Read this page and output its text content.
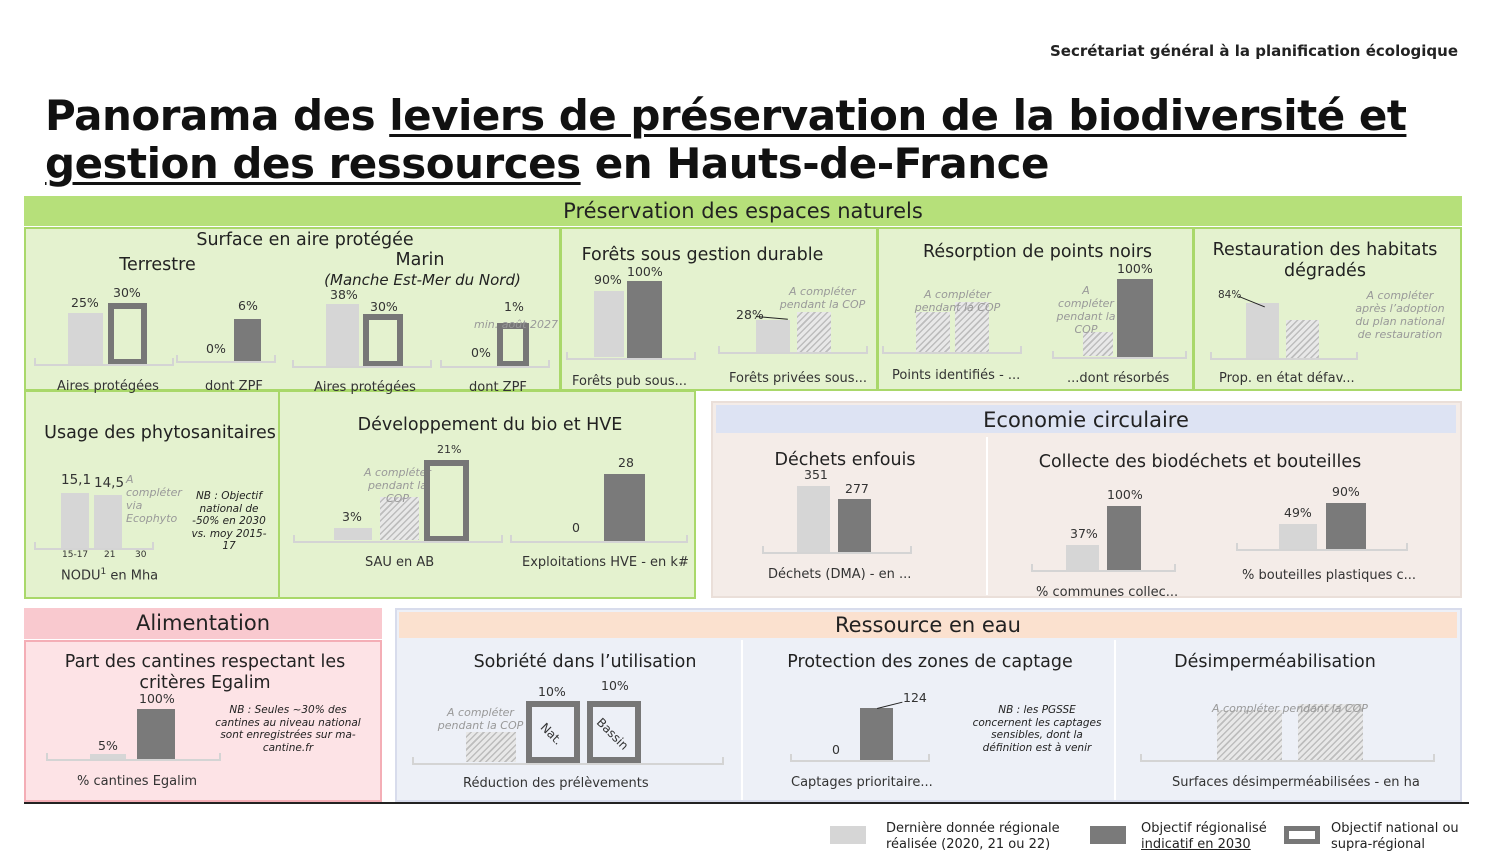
Secrétariat général à la planification écologique
Panorama des leviers de préservation de la biodiversité et
gestion des ressources en Hauts-de-France
Préservation des espaces naturels
Surface en aire protégée
Terrestre	Marin
(Manche Est-Mer du Nord)
25%
30%
Aires protégées
0%
6%
dont ZPF
38%
30%
Aires protégées
0%
1%
min. août 2027
dont ZPF
Forêts sous gestion durable
90%
100%
Forêts pub sous...
28%
A compléter
pendant la COP
Forêts privées sous...
Résorption de points noirs
A compléter
pendant la COP
Points identifiés - ...
100%
A compléter
pendant la COP
...dont résorbés
Restauration des habitats dégradés
84%	A compléter après l’adoption du plan national de restauration
Prop. en état défav...
Usage des phytosanitaires
15,1 14,5 A compléter via Ecophyto
15-17 21 30
NODU$^1$ en Mha
NB : Objectif national de -50% en 2030 vs. moy 2015-17
Développement du bio et HVE
3%
A compléter
pendant la COP
21%
SAU en AB
0
28
Exploitations HVE - en k#
Economie circulaire
Déchets enfouis
351
277
Déchets (DMA) - en ...
Collecte des biodéchets et bouteilles
37%
100%
% communes collec...
49%
90%
% bouteilles plastiques c...
Alimentation
Part des cantines respectant les critères Egalim
5%
100%
% cantines Egalim
NB : Seules ~30% des cantines au niveau national sont enregistrées sur ma-cantine.fr
Ressource en eau
Sobriété dans l’utilisation
A compléter
pendant la COP	Nat. Bassin
10%	10%
Réduction des prélèvements
Protection des zones de captage
0
124
Captages prioritaire...
NB : les PGSSE concernent les captages sensibles, dont la définition est à venir
Désimperméabilisation
A compléter pendant la COP
Surfaces désimperméabilisées - en ha
Dernière donnée régionale réalisée (2020, 21 ou 22)
Objectif régionalisé
indicatif en 2030
Objectif national ou supra-régional
